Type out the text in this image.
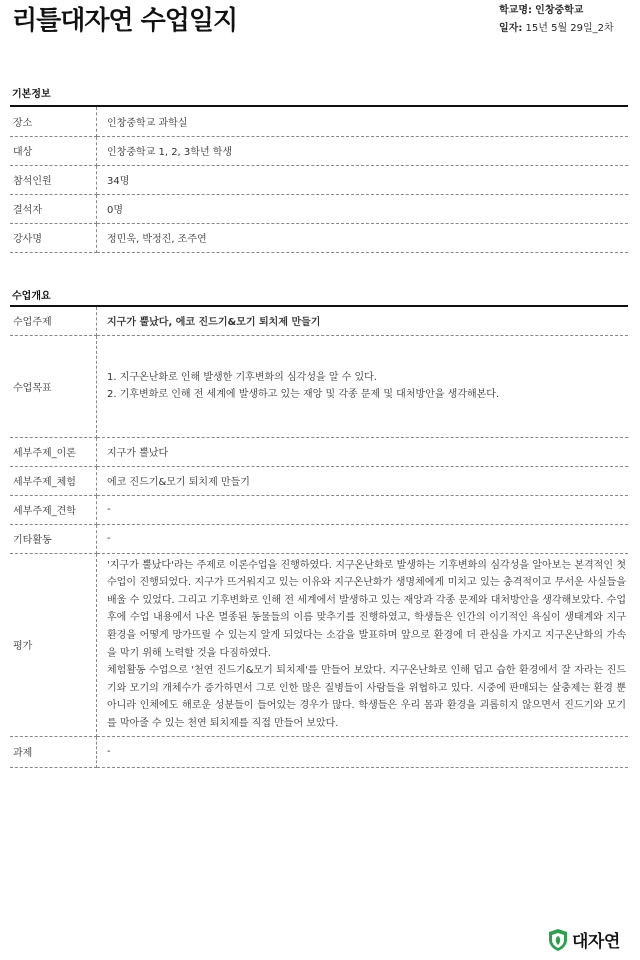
리틀대자연 수업일지	학교명: 인창중학교
일자: 15년 5월 29일_2차
기본정보
장소	인창중학교 과학실
대상	인창중학교 1, 2, 3학년 학생
참석인원	34명
결석자	0명
강사명	정민욱, 박정진, 조주연
수업개요
수업주제	지구가 뿔났다, 에코 진드기&모기 퇴치제 만들기
수업목표	1. 지구온난화로 인해 발생한 기후변화의 심각성을 알 수 있다.
2. 기후변화로 인해 전 세계에 발생하고 있는 재앙 및 각종 문제 및 대처방안을 생각해본다.

세부주제_이론	지구가 뿔났다
세부주제_체험	에코 진드기&모기 퇴치제 만들기
세부주제_견학	-
기타활동	-
평가	'지구가 뿔났다'라는 주제로 이론수업을 진행하였다. 지구온난화로 발생하는 기후변화의 심각성을 알아보는 본격적인 첫 수업이 진행되었다. 지구가 뜨거워지고 있는 이유와 지구온난화가 생명체에게 미치고 있는 충격적이고 무서운 사실들을 배울 수 있었다. 그리고 기후변화로 인해 전 세계에서 발생하고 있는 재앙과 각종 문제와 대처방안을 생각해보았다. 수업 후에 수업 내용에서 나온 멸종된 동물들의 이름 맞추기를 진행하였고, 학생들은 인간의 이기적인 욕심이 생태계와 지구 환경을 어떻게 망가뜨릴 수 있는지 알게 되었다는 소감을 발표하며 앞으로 환경에 더 관심을 가지고 지구온난화의 가속을 막기 위해 노력할 것을 다짐하였다.
체험활동 수업으로 '천연 진드기&모기 퇴치제'를 만들어 보았다. 지구온난화로 인해 덥고 습한 환경에서 잘 자라는 진드기와 모기의 개체수가 증가하면서 그로 인한 많은 질병들이 사람들을 위협하고 있다. 시중에 판매되는 살충제는 환경 뿐 아니라 인체에도 해로운 성분들이 들어있는 경우가 많다. 학생들은 우리 몸과 환경을 괴롭히지 않으면서 진드기와 모기를 막아줄 수 있는 천연 퇴치제를 직접 만들어 보았다.

과제	-
대자연
